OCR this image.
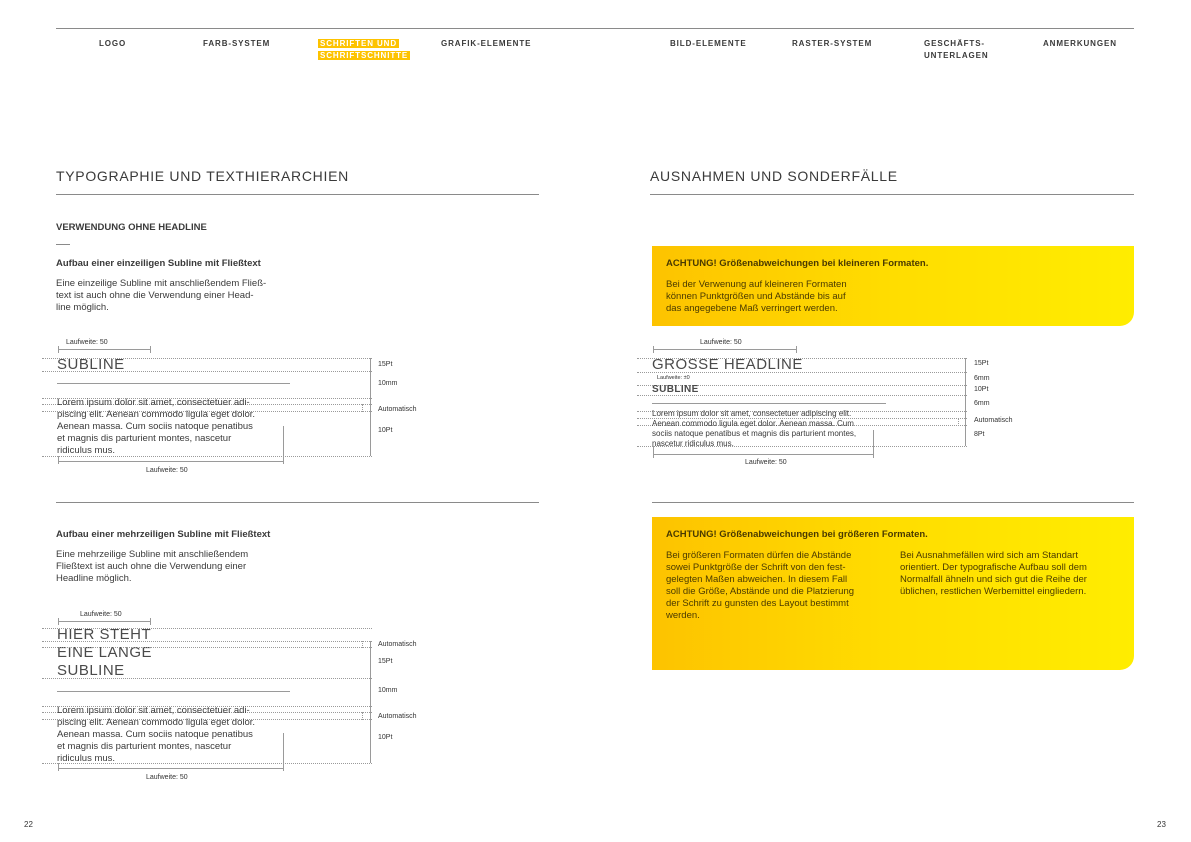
LOGO	FARB-SYSTEM	SCHRIFTEN UND
SCHRIFTSCHNITTE
GRAFIK-ELEMENTE	BILD-ELEMENTE	RASTER-SYSTEM	GESCHÄFTS-
UNTERLAGEN
ANMERKUNGEN
TYPOGRAPHIE UND TEXTHIERARCHIEN
VERWENDUNG OHNE HEADLINE
Aufbau einer einzeiligen Subline mit Fließtext
Eine einzeilige Subline mit anschließendem Fließ-
text ist auch ohne die Verwendung einer Head-
line möglich.
Laufweite: 50
SUBLINE
Lorem ipsum dolor sit amet, consectetuer adi-
piscing elit. Aenean commodo ligula eget dolor.
Aenean massa. Cum sociis natoque penatibus
et magnis dis parturient montes, nascetur
ridiculus mus.
Laufweite: 50
15Pt
10mm
Automatisch
10Pt
Aufbau einer mehrzeiligen Subline mit Fließtext
Eine mehrzeilige Subline mit anschließendem
Fließtext ist auch ohne die Verwendung einer
Headline möglich.
Laufweite: 50
HIER STEHT
EINE LANGE
SUBLINE
Lorem ipsum dolor sit amet, consectetuer adi-
piscing elit. Aenean commodo ligula eget dolor.
Aenean massa. Cum sociis natoque penatibus
et magnis dis parturient montes, nascetur
ridiculus mus.
Laufweite: 50
Automatisch
15Pt
10mm
Automatisch
10Pt
22
AUSNAHMEN UND SONDERFÄLLE
ACHTUNG! Größenabweichungen bei kleineren Formaten.
Bei der Verwenung auf kleineren Formaten
können Punktgrößen und Abstände bis auf
das angegebene Maß verringert werden.
Laufweite: 50
GROSSE HEADLINE
Laufweite: ±0
SUBLINE
Lorem ipsum dolor sit amet, consectetuer adipiscing elit.
Aenean commodo ligula eget dolor. Aenean massa. Cum
sociis natoque penatibus et magnis dis parturient montes,
nascetur ridiculus mus.
Laufweite: 50
15Pt
6mm
10Pt
6mm
Automatisch
8Pt
ACHTUNG! Größenabweichungen bei größeren Formaten.
Bei größeren Formaten dürfen die Abstände
sowei Punktgröße der Schrift von den fest-
gelegten Maßen abweichen. In diesem Fall
soll die Größe, Abstände und die Platzierung
der Schrift zu gunsten des Layout bestimmt
werden.
Bei Ausnahmefällen wird sich am Standart
orientiert. Der typografische Aufbau soll dem
Normalfall ähneln und sich gut die Reihe der
üblichen, restlichen Werbemittel eingliedern.
23
